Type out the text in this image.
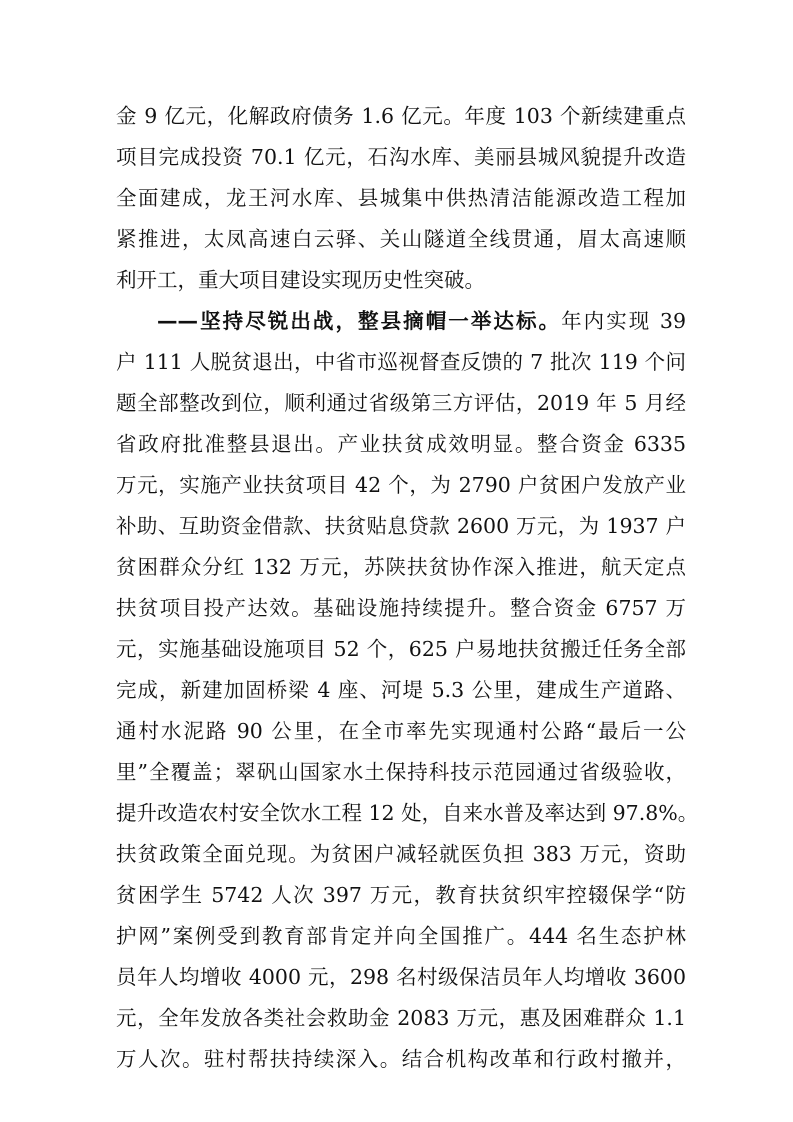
金 9 亿元，化解政府债务 1.6 亿元。年度 103 个新续建重点
项目完成投资 70.1 亿元，石沟水库、美丽县城风貌提升改造
全面建成，龙王河水库、县城集中供热清洁能源改造工程加
紧推进，太凤高速白云驿、关山隧道全线贯通，眉太高速顺
利开工，重大项目建设实现历史性突破。
——坚持尽锐出战，整县摘帽一举达标。年内实现 39
户 111 人脱贫退出，中省市巡视督查反馈的 7 批次 119 个问
题全部整改到位，顺利通过省级第三方评估，2019 年 5 月经
省政府批准整县退出。产业扶贫成效明显。整合资金 6335
万元，实施产业扶贫项目 42 个，为 2790 户贫困户发放产业
补助、互助资金借款、扶贫贴息贷款 2600 万元，为 1937 户
贫困群众分红 132 万元，苏陕扶贫协作深入推进，航天定点
扶贫项目投产达效。基础设施持续提升。整合资金 6757 万
元，实施基础设施项目 52 个，625 户易地扶贫搬迁任务全部
完成，新建加固桥梁 4 座、河堤 5.3 公里，建成生产道路、
通村水泥路 90 公里，在全市率先实现通村公路“最后一公
里”全覆盖；翠矾山国家水土保持科技示范园通过省级验收，
提升改造农村安全饮水工程 12 处，自来水普及率达到 97.8%。
扶贫政策全面兑现。为贫困户减轻就医负担 383 万元，资助
贫困学生 5742 人次 397 万元，教育扶贫织牢控辍保学“防
护网”案例受到教育部肯定并向全国推广。444 名生态护林
员年人均增收 4000 元，298 名村级保洁员年人均增收 3600
元，全年发放各类社会救助金 2083 万元，惠及困难群众 1.1
万人次。驻村帮扶持续深入。结合机构改革和行政村撤并，
